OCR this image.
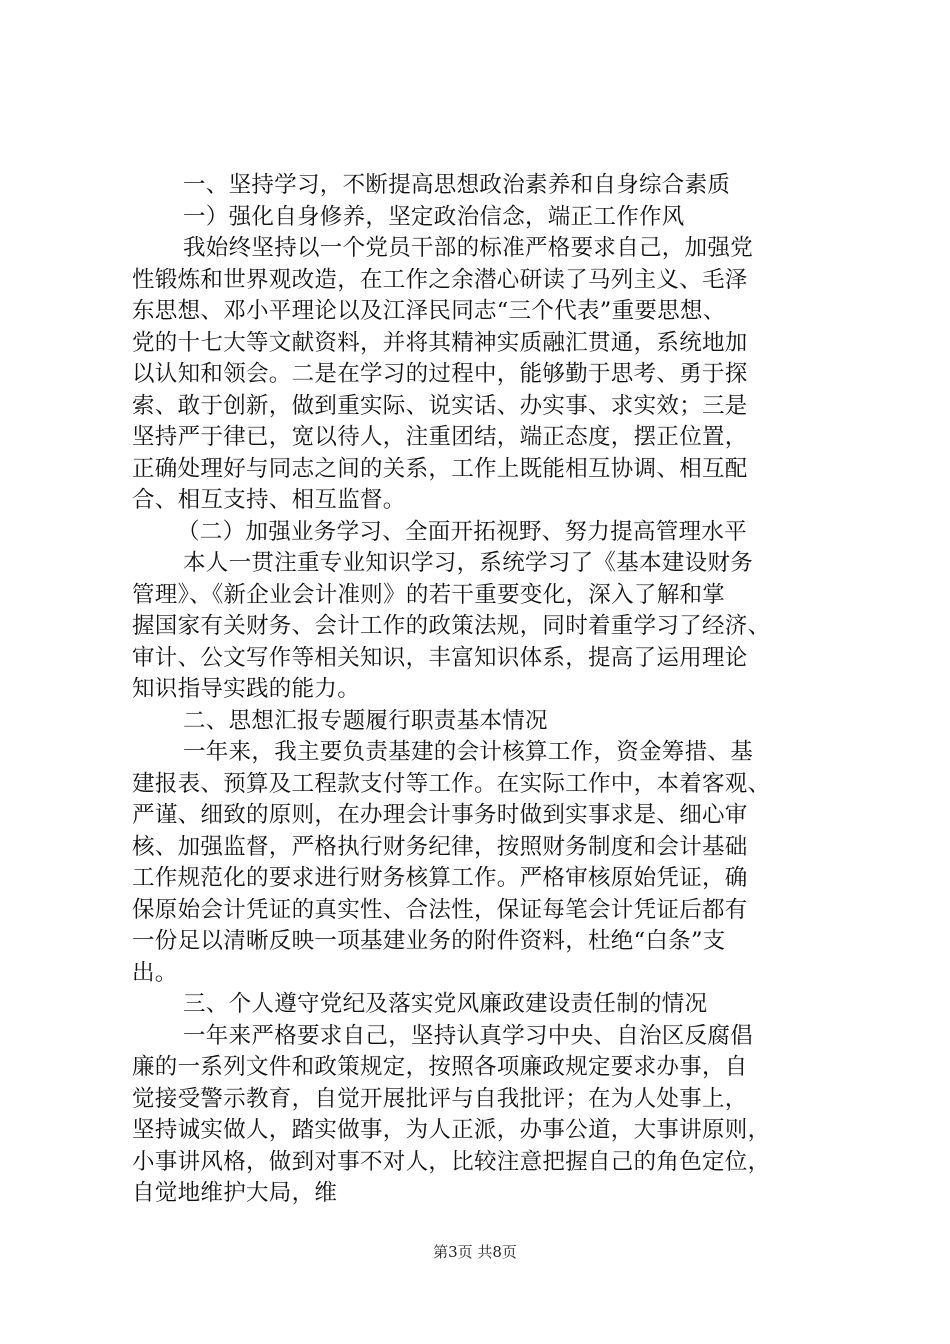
一、坚持学习，不断提高思想政治素养和自身综合素质
一）强化自身修养，坚定政治信念，端正工作作风
我始终坚持以一个党员干部的标准严格要求自己，加强党
性锻炼和世界观改造，在工作之余潜心研读了马列主义、毛泽
东思想、邓小平理论以及江泽民同志“三个代表”重要思想、
党的十七大等文献资料，并将其精神实质融汇贯通，系统地加
以认知和领会。二是在学习的过程中，能够勤于思考、勇于探
索、敢于创新，做到重实际、说实话、办实事、求实效；三是
坚持严于律已，宽以待人，注重团结，端正态度，摆正位置，
正确处理好与同志之间的关系，工作上既能相互协调、相互配
合、相互支持、相互监督。
（二）加强业务学习、全面开拓视野、努力提高管理水平
本人一贯注重专业知识学习，系统学习了《基本建设财务
管理》、《新企业会计准则》的若干重要变化，深入了解和掌
握国家有关财务、会计工作的政策法规，同时着重学习了经济、
审计、公文写作等相关知识，丰富知识体系，提高了运用理论
知识指导实践的能力。
二、思想汇报专题履行职责基本情况
一年来，我主要负责基建的会计核算工作，资金筹措、基
建报表、预算及工程款支付等工作。在实际工作中，本着客观、
严谨、细致的原则，在办理会计事务时做到实事求是、细心审
核、加强监督，严格执行财务纪律，按照财务制度和会计基础
工作规范化的要求进行财务核算工作。严格审核原始凭证，确
保原始会计凭证的真实性、合法性，保证每笔会计凭证后都有
一份足以清晰反映一项基建业务的附件资料，杜绝“白条”支
出。
三、个人遵守党纪及落实党风廉政建设责任制的情况
一年来严格要求自己，坚持认真学习中央、自治区反腐倡
廉的一系列文件和政策规定，按照各项廉政规定要求办事，自
觉接受警示教育，自觉开展批评与自我批评；在为人处事上，
坚持诚实做人，踏实做事，为人正派，办事公道，大事讲原则，
小事讲风格，做到对事不对人，比较注意把握自己的角色定位，
自觉地维护大局，维
第3页 共8页
